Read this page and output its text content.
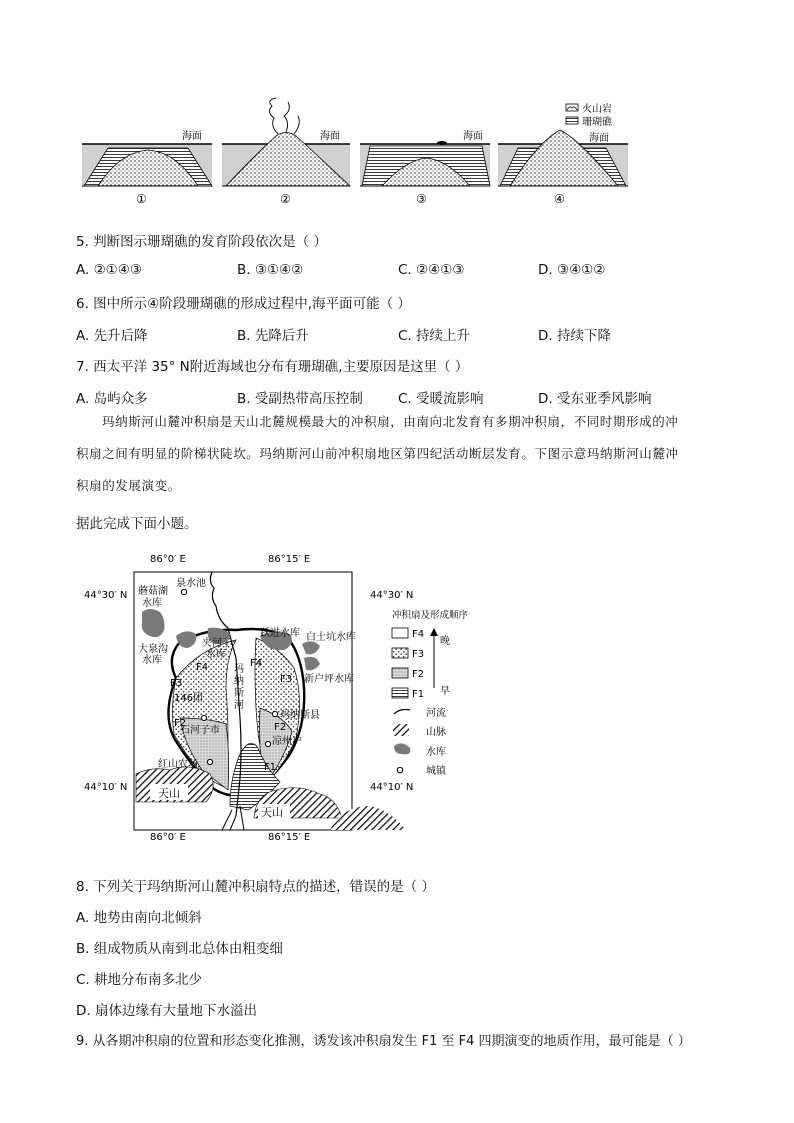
海面
①
海面
②
海面
③
海面
④
火山岩
珊瑚礁
5. 判断图示珊瑚礁的发育阶段依次是（ ）
A. ②①④③	B. ③①④②	C. ②④①③	D. ③④①②
6. 图中所示④阶段珊瑚礁的形成过程中,海平面可能（ ）
A. 先升后降	B. 先降后升	C. 持续上升	D. 持续下降
7. 西太平洋 35° N附近海域也分布有珊瑚礁,主要原因是这里（ ）
A. 岛屿众多	B. 受副热带高压控制	C. 受暖流影响	D. 受东亚季风影响
玛纳斯河山麓冲积扇是天山北麓规模最大的冲积扇，由南向北发育有多期冲积扇，不同时期形成的冲
积扇之间有明显的阶梯状陡坎。玛纳斯河山前冲积扇地区第四纪活动断层发育。下图示意玛纳斯河山麓冲
积扇的发展演变。
据此完成下面小题。
86°0′ E	86°15′ E
86°0′ E	86°15′ E
44°30′ N
44°10′ N
44°30′ N
44°10′ N
天山
天山
泉水池
蘑菇湖
水库
大泉沟
水库
夹河子
水库
跃进水库 白土坑水库
新户坪水库
146团
石河子市
玛纳斯县
凉州户
红山农场
玛
纳
斯
河
F4	F4
F3	F3
F2	F2
F1
冲积扇及形成顺序
F4
F3
F2
F1
晚
早
河流
山脉
水库
城镇
8. 下列关于玛纳斯河山麓冲积扇特点的描述，错误的是（ ）
A. 地势由南向北倾斜
B. 组成物质从南到北总体由粗变细
C. 耕地分布南多北少
D. 扇体边缘有大量地下水溢出
9. 从各期冲积扇的位置和形态变化推测，诱发该冲积扇发生 F1 至 F4 四期演变的地质作用，最可能是（ ）
